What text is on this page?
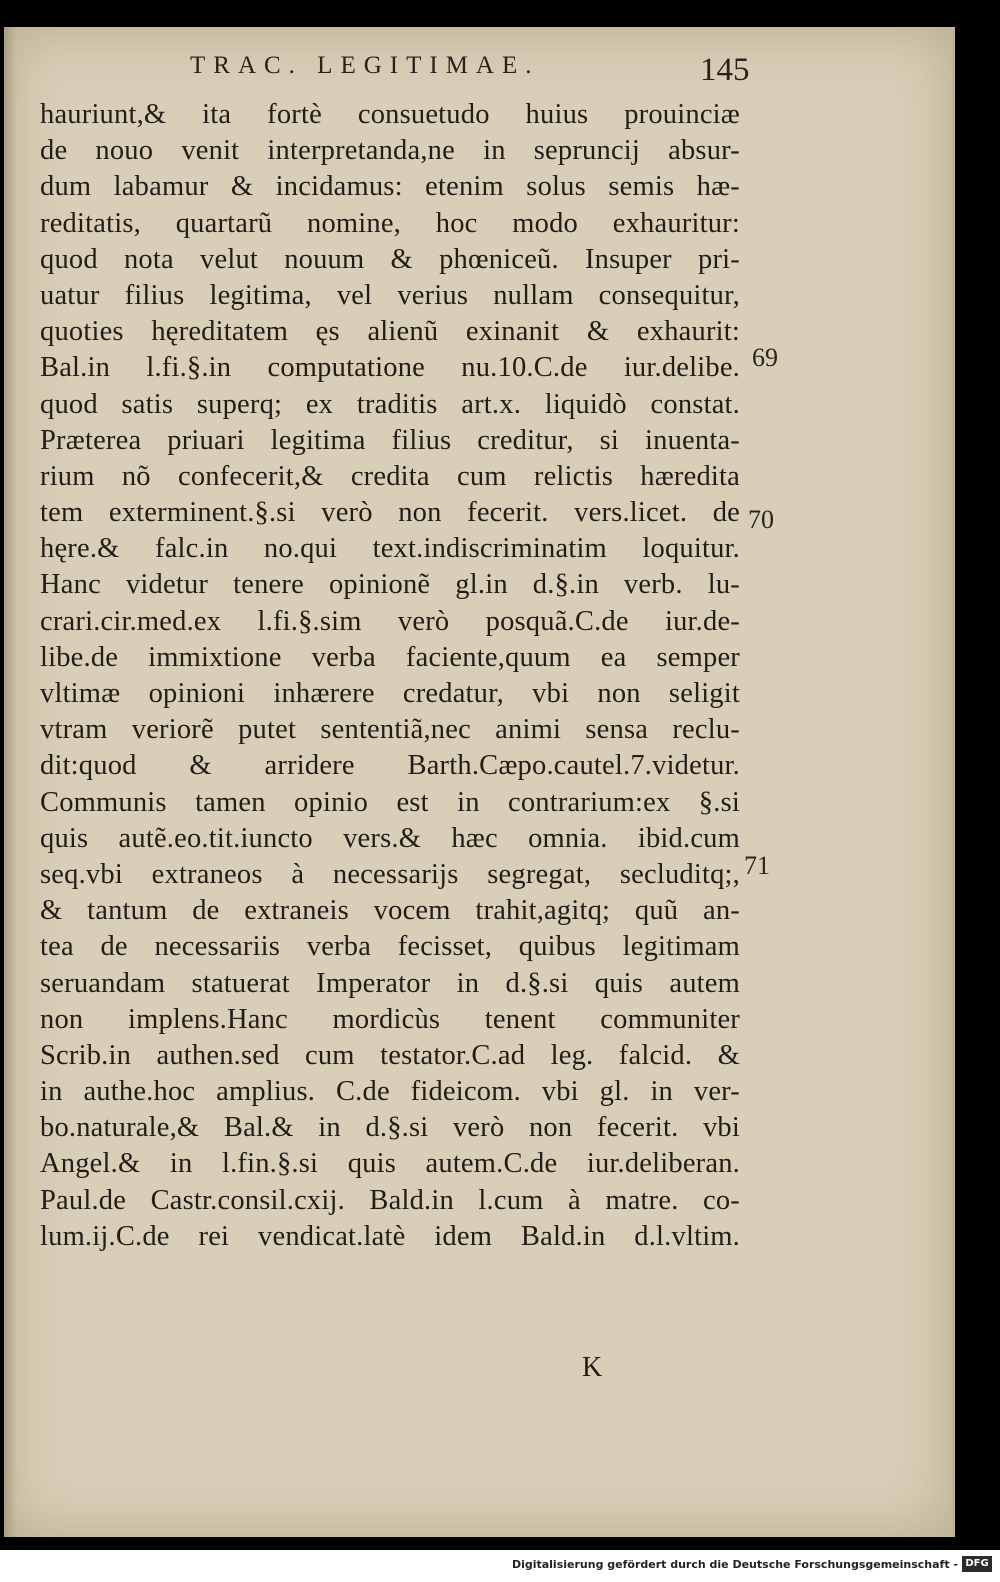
TRAC. LEGITIMAE.	145
hauriunt,& ita fortè consuetudo huius prouinciæ
de nouo venit interpretanda,ne in sepruncij absur-
dum labamur & incidamus: etenim solus semis hæ-
reditatis, quartarũ nomine, hoc modo exhauritur:
quod nota velut nouum & phœniceũ. Insuper pri-
uatur filius legitima, vel verius nullam consequitur,
quoties hęreditatem ęs alienũ exinanit & exhaurit:
Bal.in l.fi.§.in computatione nu.10.C.de iur.delibe.
quod satis superq; ex traditis art.x. liquidò constat.
Præterea priuari legitima filius creditur, si inuenta-
rium nõ confecerit,& credita cum relictis hæredita
tem exterminent.§.si verò non fecerit. vers.licet. de
hęre.& falc.in no.qui text.indiscriminatim loquitur.
Hanc videtur tenere opinionẽ gl.in d.§.in verb. lu-
crari.cir.med.ex l.fi.§.sim verò posquã.C.de iur.de-
libe.de immixtione verba faciente,quum ea semper
vltimæ opinioni inhærere credatur, vbi non seligit
vtram veriorẽ putet sententiã,nec animi sensa reclu-
dit:quod & arridere Barth.Cæpo.cautel.7.videtur.
Communis tamen opinio est in contrarium:ex §.si
quis autẽ.eo.tit.iuncto vers.& hæc omnia. ibid.cum
seq.vbi extraneos à necessarijs segregat, secluditq;,
& tantum de extraneis vocem trahit,agitq; quũ an-
tea de necessariis verba fecisset, quibus legitimam
seruandam statuerat Imperator in d.§.si quis autem
non implens.Hanc mordicùs tenent communiter
Scrib.in authen.sed cum testator.C.ad leg. falcid. &
in authe.hoc amplius. C.de fideicom. vbi gl. in ver-
bo.naturale,& Bal.& in d.§.si verò non fecerit. vbi
Angel.& in l.fin.§.si quis autem.C.de iur.deliberan.
Paul.de Castr.consil.cxij. Bald.in l.cum à matre. co-
lum.ij.C.de rei vendicat.latè idem Bald.in d.l.vltim.
69
70
71
K
Digitalisierung gefördert durch die Deutsche Forschungsgemeinschaft - DFG
